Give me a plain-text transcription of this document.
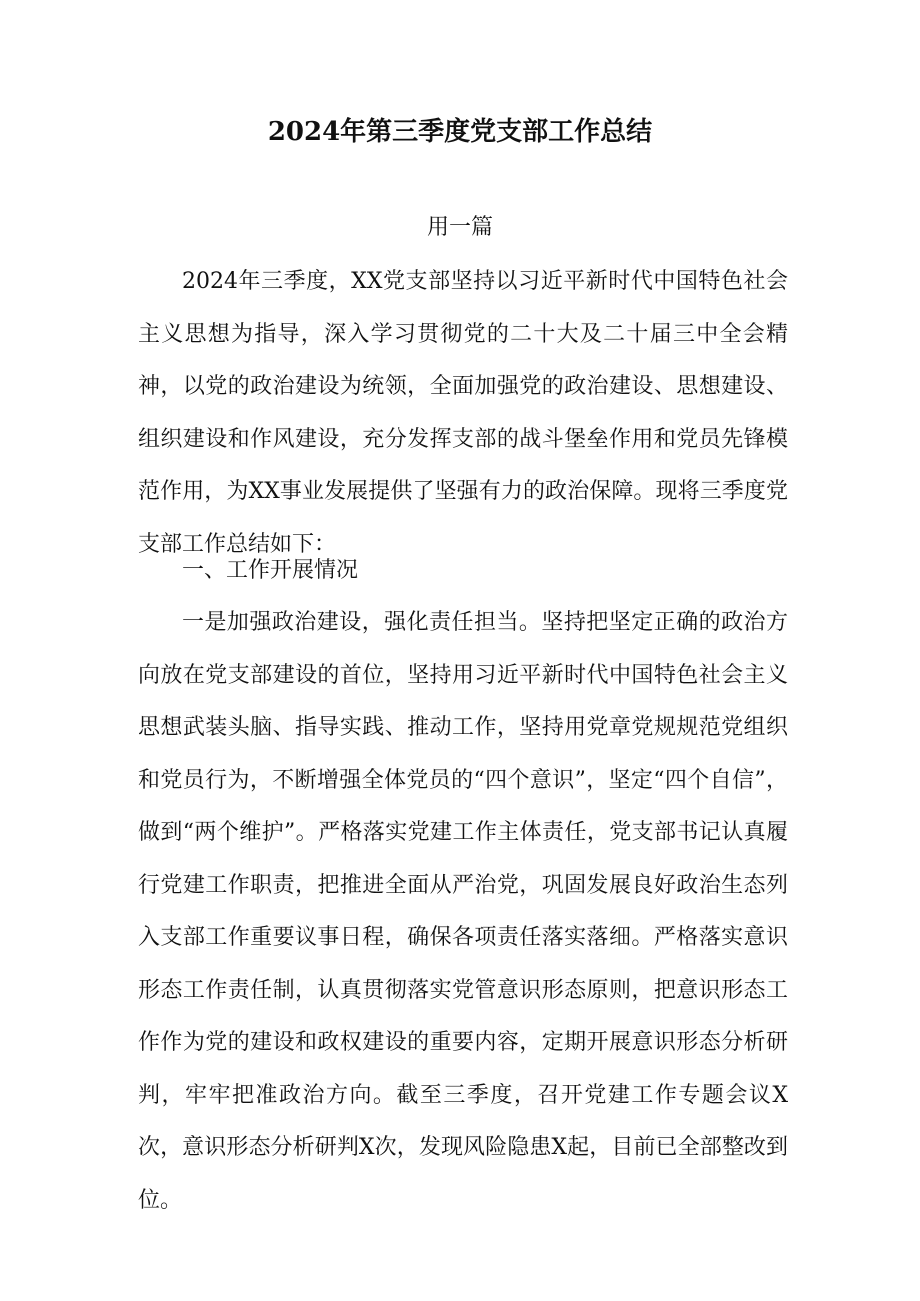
2024年第三季度党支部工作总结
用一篇

2024年三季度，XX党支部坚持以习近平新时代中国特色社会主义思想为指导，深入学习贯彻党的二十大及二十届三中全会精神，以党的政治建设为统领，全面加强党的政治建设、思想建设、组织建设和作风建设，充分发挥支部的战斗堡垒作用和党员先锋模范作用，为XX事业发展提供了坚强有力的政治保障。现将三季度党支部工作总结如下：

一、工作开展情况

一是加强政治建设，强化责任担当。坚持把坚定正确的政治方向放在党支部建设的首位，坚持用习近平新时代中国特色社会主义思想武装头脑、指导实践、推动工作，坚持用党章党规规范党组织和党员行为，不断增强全体党员的“四个意识”，坚定“四个自信”，做到“两个维护”。严格落实党建工作主体责任，党支部书记认真履行党建工作职责，把推进全面从严治党，巩固发展良好政治生态列入支部工作重要议事日程，确保各项责任落实落细。严格落实意识形态工作责任制，认真贯彻落实党管意识形态原则，把意识形态工作作为党的建设和政权建设的重要内容，定期开展意识形态分析研判，牢牢把准政治方向。截至三季度，召开党建工作专题会议X次，意识形态分析研判X次，发现风险隐患X起，目前已全部整改到位。
